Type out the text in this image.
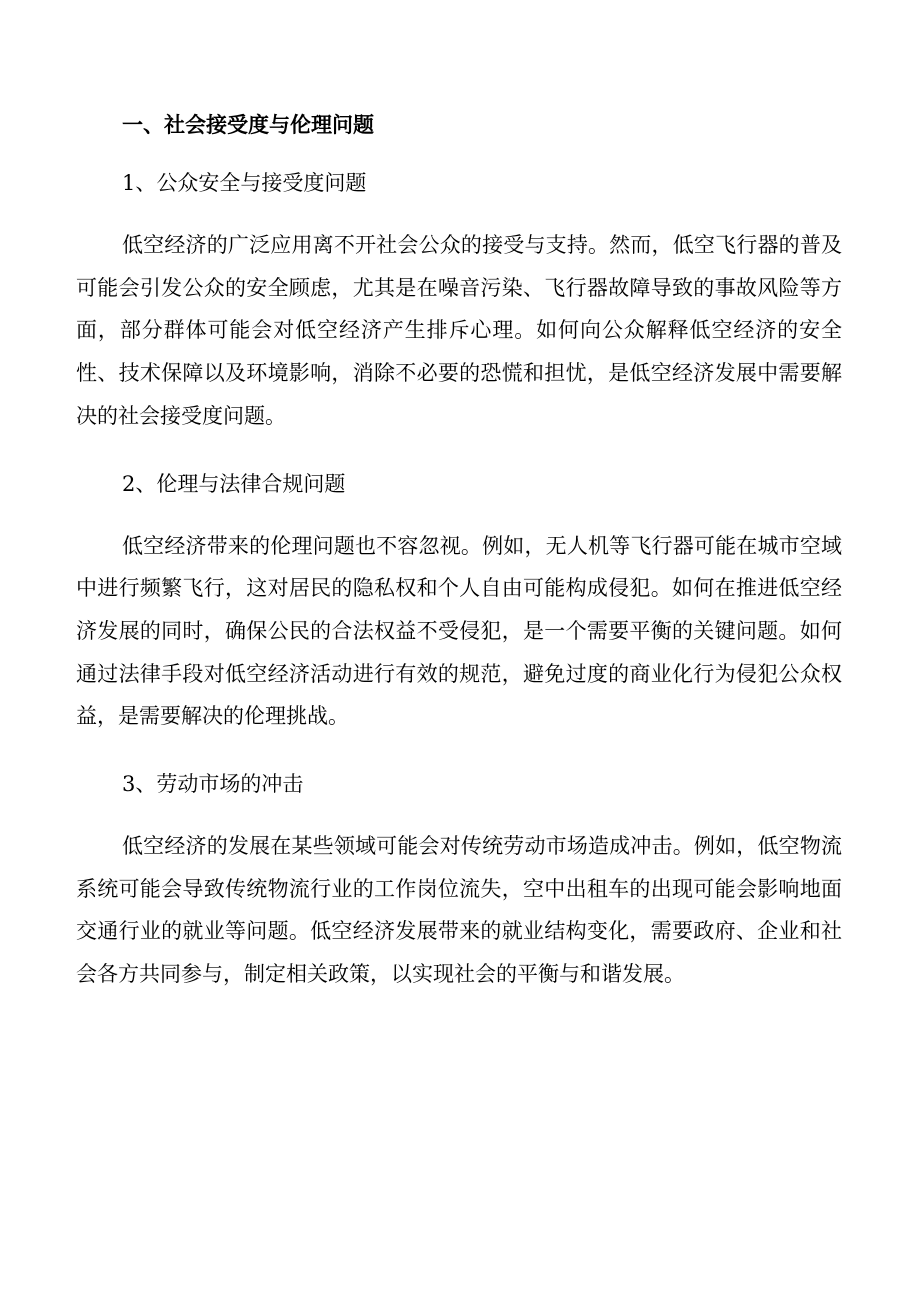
一、社会接受度与伦理问题
1、公众安全与接受度问题

低空经济的广泛应用离不开社会公众的接受与支持。然而，低空飞行器的普及可能会引发公众的安全顾虑，尤其是在噪音污染、飞行器故障导致的事故风险等方面，部分群体可能会对低空经济产生排斥心理。如何向公众解释低空经济的安全性、技术保障以及环境影响，消除不必要的恐慌和担忧，是低空经济发展中需要解决的社会接受度问题。

2、伦理与法律合规问题

低空经济带来的伦理问题也不容忽视。例如，无人机等飞行器可能在城市空域中进行频繁飞行，这对居民的隐私权和个人自由可能构成侵犯。如何在推进低空经济发展的同时，确保公民的合法权益不受侵犯，是一个需要平衡的关键问题。如何通过法律手段对低空经济活动进行有效的规范，避免过度的商业化行为侵犯公众权益，是需要解决的伦理挑战。

3、劳动市场的冲击

低空经济的发展在某些领域可能会对传统劳动市场造成冲击。例如，低空物流系统可能会导致传统物流行业的工作岗位流失，空中出租车的出现可能会影响地面交通行业的就业等问题。低空经济发展带来的就业结构变化，需要政府、企业和社会各方共同参与，制定相关政策，以实现社会的平衡与和谐发展。
